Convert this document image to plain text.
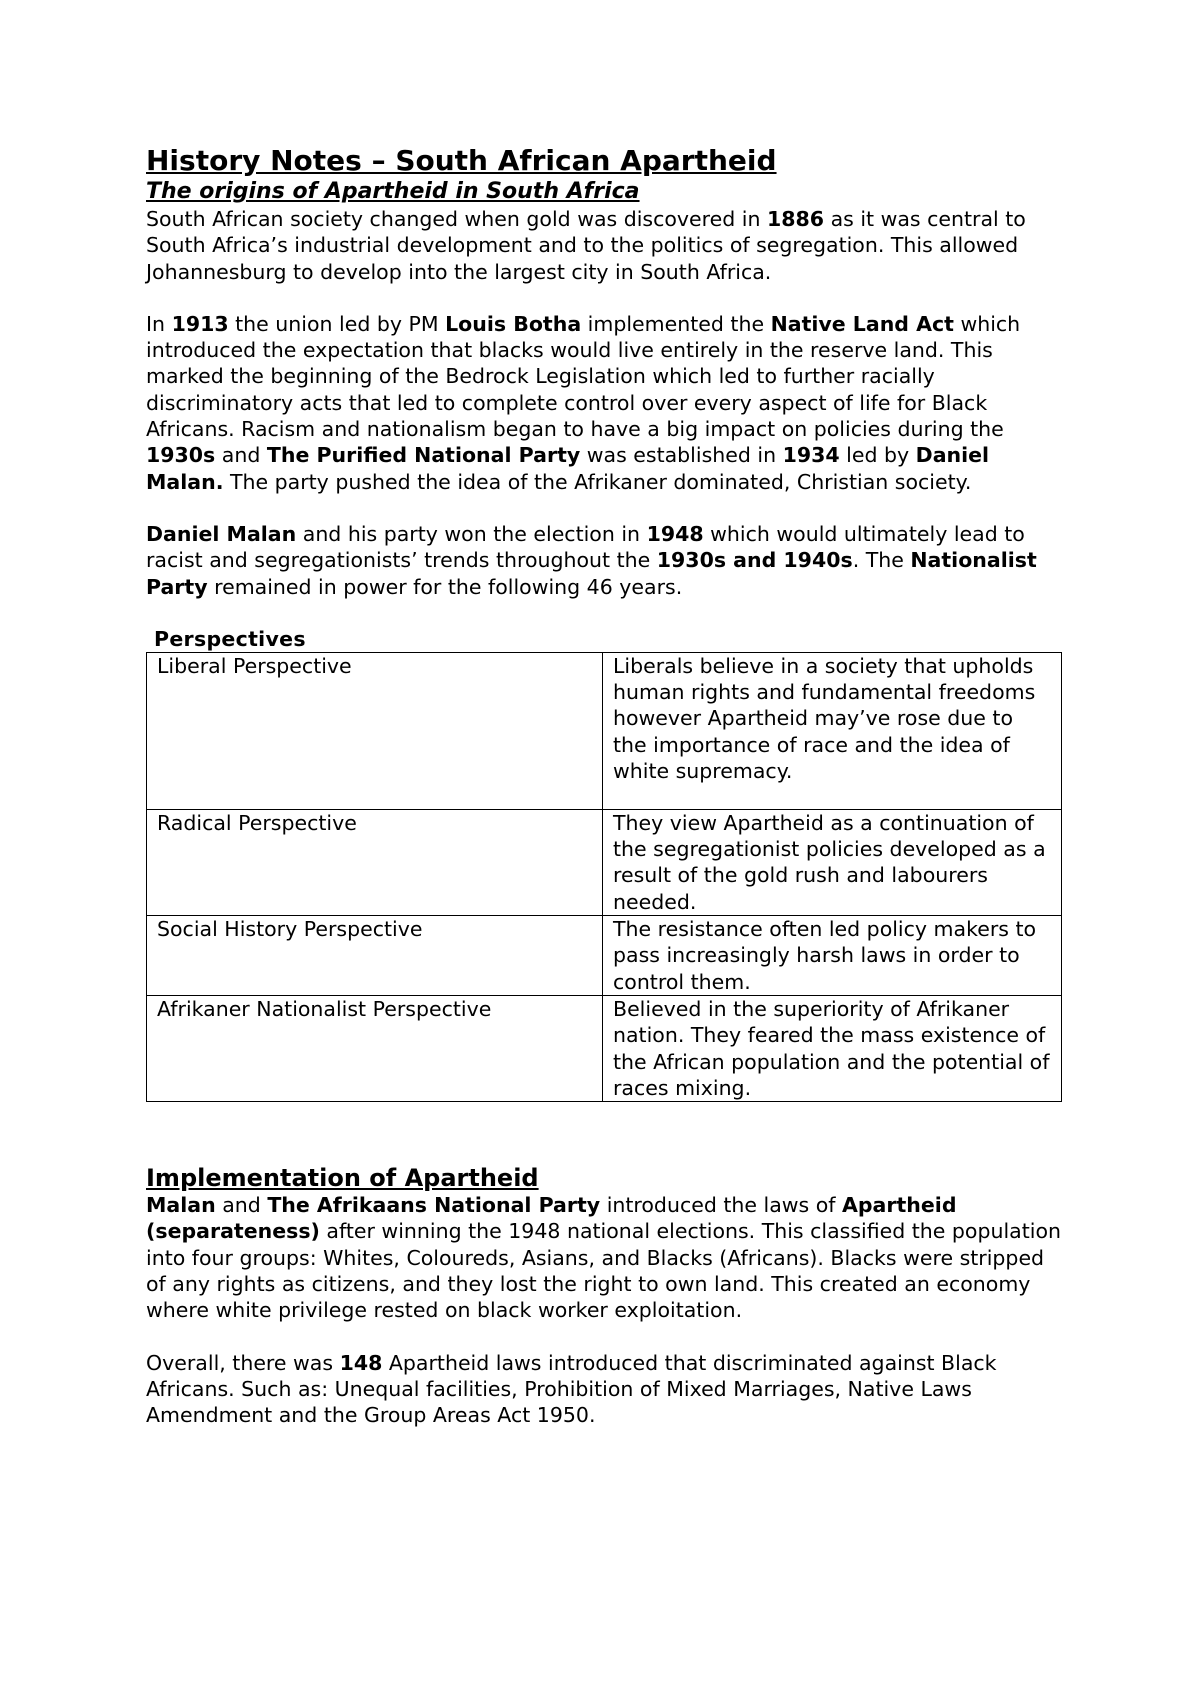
History Notes – South African Apartheid
The origins of Apartheid in South Africa

South African society changed when gold was discovered in 1886 as it was central to South Africa’s industrial development and to the politics of segregation. This allowed Johannesburg to develop into the largest city in South Africa.

In 1913 the union led by PM Louis Botha implemented the Native Land Act which introduced the expectation that blacks would live entirely in the reserve land. This marked the beginning of the Bedrock Legislation which led to further racially discriminatory acts that led to complete control over every aspect of life for Black Africans. Racism and nationalism began to have a big impact on policies during the 1930s and The Purified National Party was established in 1934 led by Daniel Malan. The party pushed the idea of the Afrikaner dominated, Christian society.

Daniel Malan and his party won the election in 1948 which would ultimately lead to racist and segregationists’ trends throughout the 1930s and 1940s. The Nationalist Party remained in power for the following 46 years.

Perspectives

Liberal Perspective	Liberals believe in a society that upholds human rights and fundamental freedoms however Apartheid may’ve rose due to the importance of race and the idea of white supremacy.
Radical Perspective	They view Apartheid as a continuation of the segregationist policies developed as a result of the gold rush and labourers needed.
Social History Perspective	The resistance often led policy makers to pass increasingly harsh laws in order to control them.
Afrikaner Nationalist Perspective	Believed in the superiority of Afrikaner nation. They feared the mass existence of the African population and the potential of races mixing.
Implementation of Apartheid

Malan and The Afrikaans National Party introduced the laws of Apartheid (separateness) after winning the 1948 national elections. This classified the population into four groups: Whites, Coloureds, Asians, and Blacks (Africans). Blacks were stripped of any rights as citizens, and they lost the right to own land. This created an economy where white privilege rested on black worker exploitation.

Overall, there was 148 Apartheid laws introduced that discriminated against Black Africans. Such as: Unequal facilities, Prohibition of Mixed Marriages, Native Laws Amendment and the Group Areas Act 1950.
